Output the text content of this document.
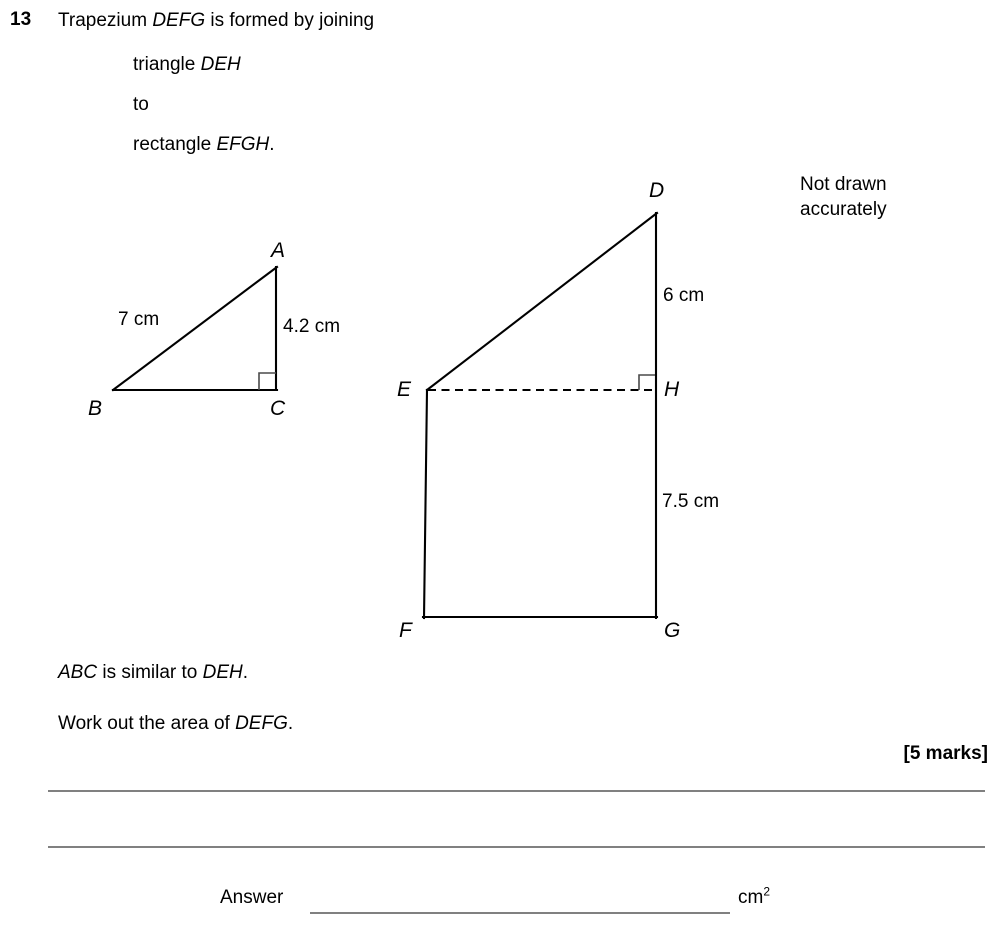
13 Trapezium DEFG is formed by joining
triangle DEH
to
rectangle EFGH.
Not drawn
accurately
A
B	C
D
E
F	G
H
7 cm	4.2 cm
6 cm
7.5 cm
ABC is similar to DEH.
Work out the area of DEFG.
[5 marks]
Answer	$cm^2$
